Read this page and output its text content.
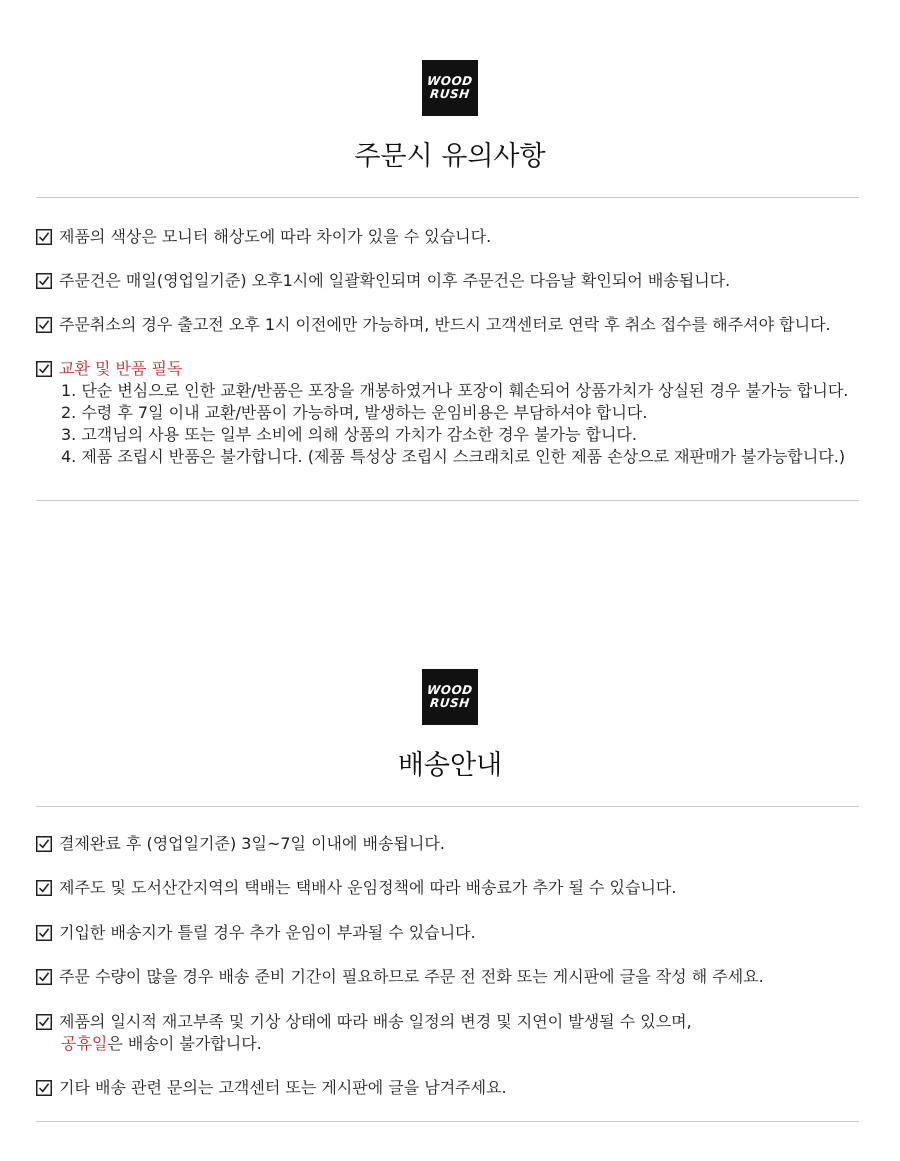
WOOD
RUSH
주문시 유의사항
제품의 색상은 모니터 해상도에 따라 차이가 있을 수 있습니다.
주문건은 매일(영업일기준) 오후1시에 일괄확인되며 이후 주문건은 다음날 확인되어 배송됩니다.
주문취소의 경우 출고전 오후 1시 이전에만 가능하며, 반드시 고객센터로 연락 후 취소 접수를 해주셔야 합니다.
교환 및 반품 필독
1. 단순 변심으로 인한 교환/반품은 포장을 개봉하였거나 포장이 훼손되어 상품가치가 상실된 경우 불가능 합니다.
2. 수령 후 7일 이내 교환/반품이 가능하며, 발생하는 운임비용은 부담하셔야 합니다.
3. 고객님의 사용 또는 일부 소비에 의해 상품의 가치가 감소한 경우 불가능 합니다.
4. 제품 조립시 반품은 불가합니다. (제품 특성상 조립시 스크래치로 인한 제품 손상으로 재판매가 불가능합니다.)
WOOD
RUSH
배송안내
결제완료 후 (영업일기준) 3일~7일 이내에 배송됩니다.
제주도 및 도서산간지역의 택배는 택배사 운임정책에 따라 배송료가 추가 될 수 있습니다.
기입한 배송지가 틀릴 경우 추가 운임이 부과될 수 있습니다.
주문 수량이 많을 경우 배송 준비 기간이 필요하므로 주문 전 전화 또는 게시판에 글을 작성 해 주세요.
제품의 일시적 재고부족 및 기상 상태에 따라 배송 일정의 변경 및 지연이 발생될 수 있으며,
공휴일은 배송이 불가합니다.
기타 배송 관련 문의는 고객센터 또는 게시판에 글을 남겨주세요.
